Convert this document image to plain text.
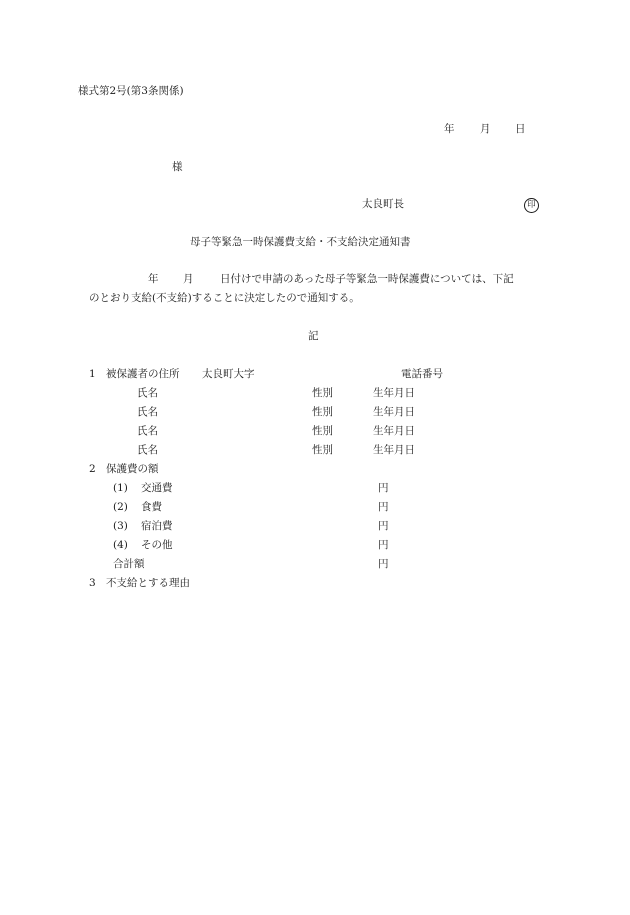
様式第2号(第3条関係)
年 月 日
様
太良町長	印
母子等緊急一時保護費支給・不支給決定通知書
年 月	日付けで申請のあった母子等緊急一時保護費については、下記
のとおり支給(不支給)することに決定したので通知する。
記
1 被保護者の住所 太良町大字	電話番号
氏名	性別	生年月日
氏名	性別	生年月日
氏名	性別	生年月日
氏名	性別	生年月日
2 保護費の額
(1) 交通費	円
(2) 食費	円
(3) 宿泊費	円
(4) その他	円
合計額	円
3 不支給とする理由
